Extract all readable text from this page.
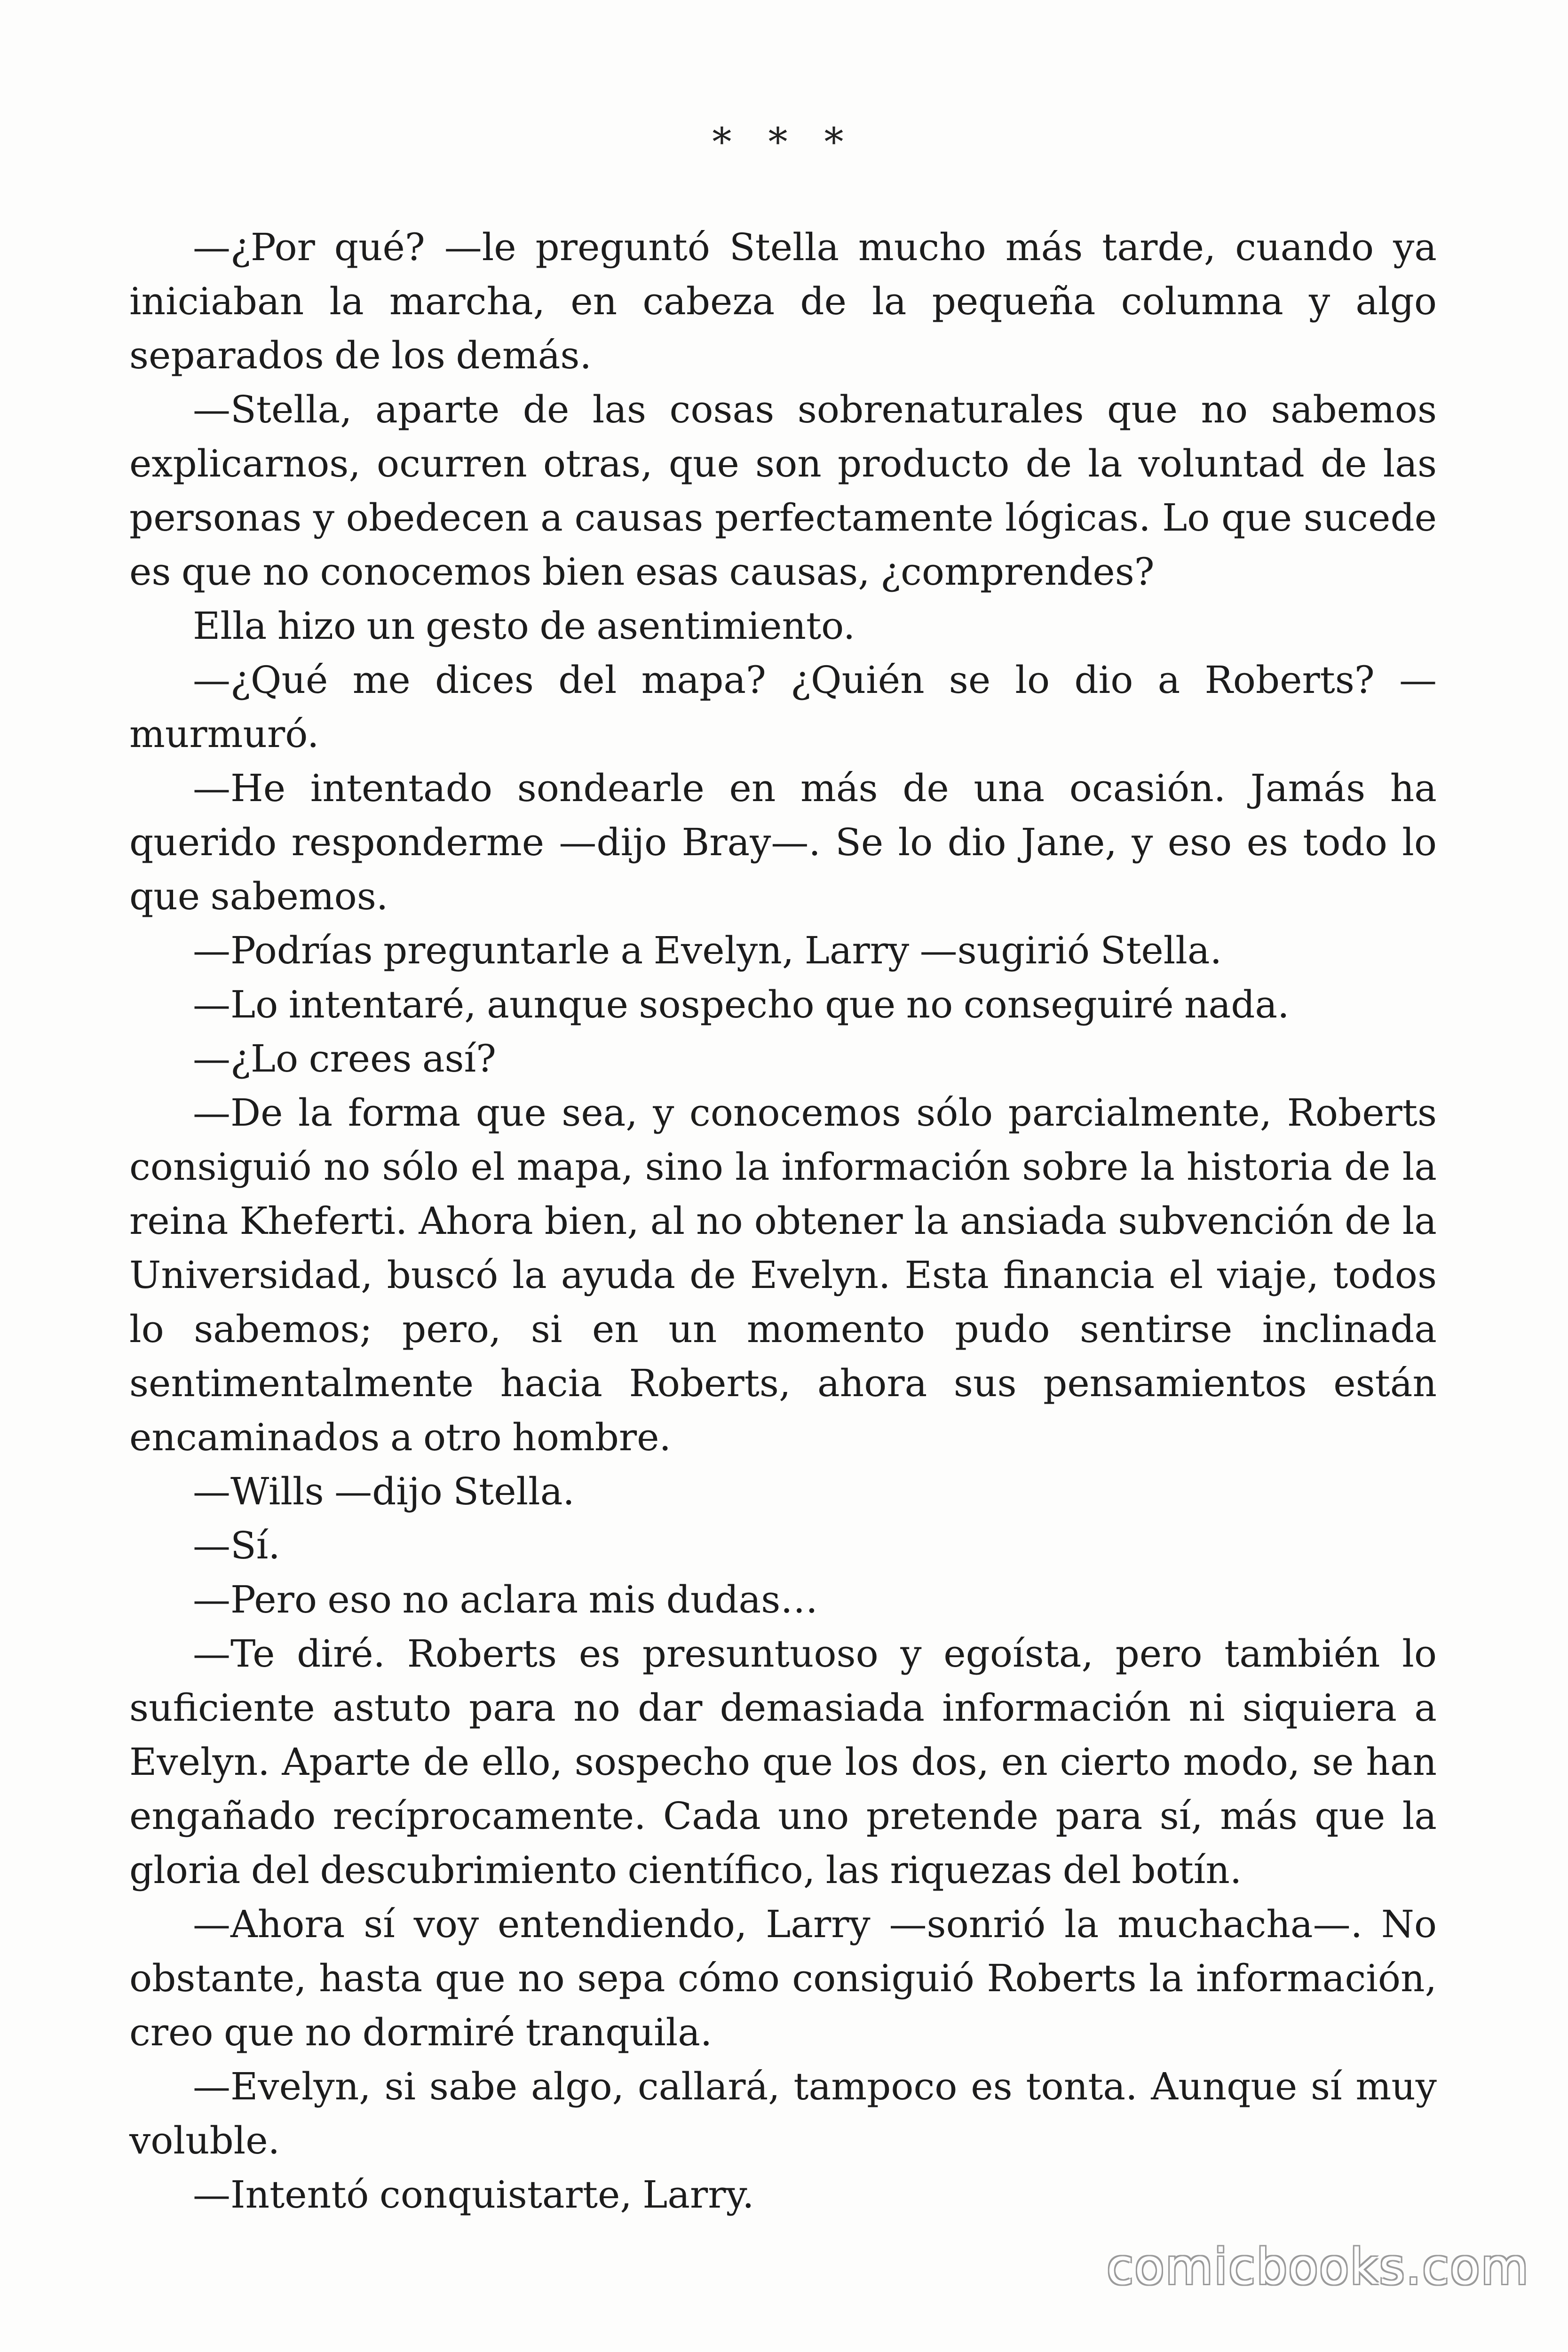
* * *

—¿Por qué? —le preguntó Stella mucho más tarde, cuando ya iniciaban la marcha, en cabeza de la pequeña columna y algo separados de los demás.

—Stella, aparte de las cosas sobrenaturales que no sabemos explicarnos, ocurren otras, que son producto de la voluntad de las personas y obedecen a causas perfectamente lógicas. Lo que sucede es que no conocemos bien esas causas, ¿comprendes?

Ella hizo un gesto de asentimiento.

—¿Qué me dices del mapa? ¿Quién se lo dio a Roberts? —murmuró.

—He intentado sondearle en más de una ocasión. Jamás ha querido responderme —dijo Bray—. Se lo dio Jane, y eso es todo lo que sabemos.

—Podrías preguntarle a Evelyn, Larry —sugirió Stella.

—Lo intentaré, aunque sospecho que no conseguiré nada.

—¿Lo crees así?

—De la forma que sea, y conocemos sólo parcialmente, Roberts consiguió no sólo el mapa, sino la información sobre la historia de la reina Kheferti. Ahora bien, al no obtener la ansiada subvención de la Universidad, buscó la ayuda de Evelyn. Esta financia el viaje, todos lo sabemos; pero, si en un momento pudo sentirse inclinada sentimentalmente hacia Roberts, ahora sus pensamientos están encaminados a otro hombre.

—Wills —dijo Stella.

—Sí.

—Pero eso no aclara mis dudas…

—Te diré. Roberts es presuntuoso y egoísta, pero también lo suficiente astuto para no dar demasiada información ni siquiera a Evelyn. Aparte de ello, sospecho que los dos, en cierto modo, se han engañado recíprocamente. Cada uno pretende para sí, más que la gloria del descubrimiento científico, las riquezas del botín.

—Ahora sí voy entendiendo, Larry —sonrió la muchacha—. No obstante, hasta que no sepa cómo consiguió Roberts la información, creo que no dormiré tranquila.

—Evelyn, si sabe algo, callará, tampoco es tonta. Aunque sí muy voluble.

—Intentó conquistarte, Larry.

comicbooks.com
